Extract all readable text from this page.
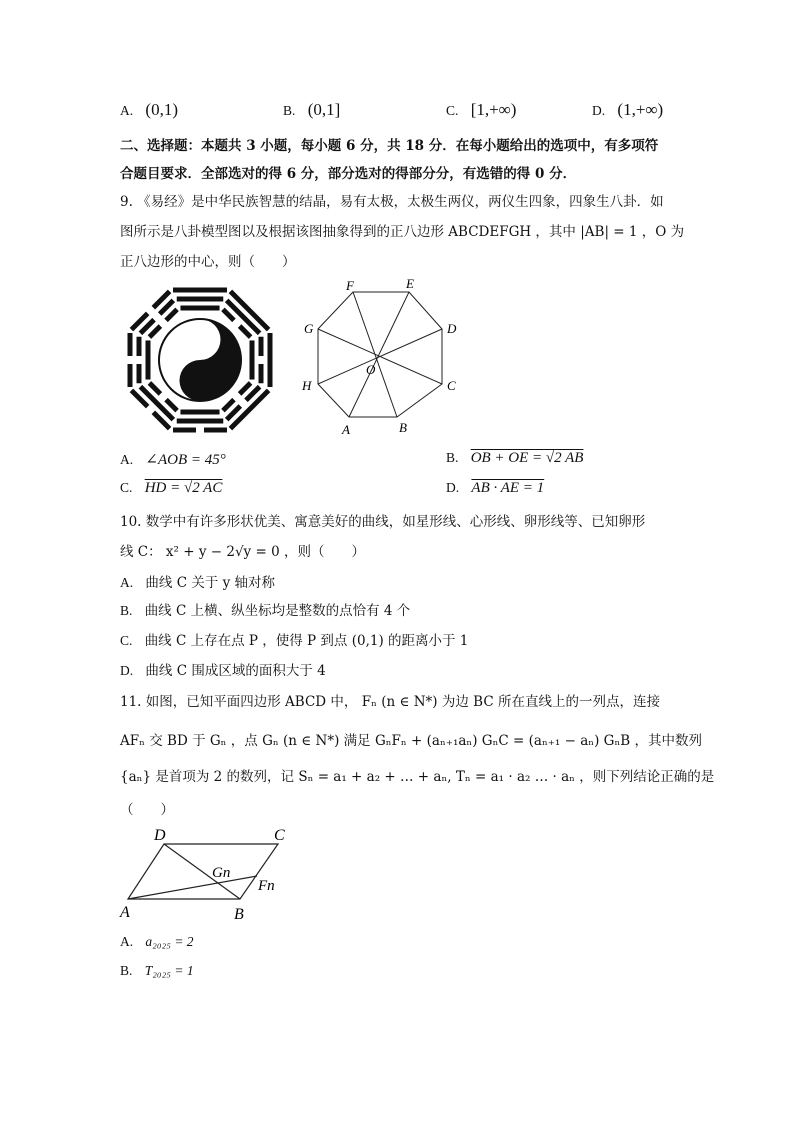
A. (0,1)	B. (0,1]	C. [1,+∞)	D. (1,+∞)
二、选择题：本题共 3 小题，每小题 6 分，共 18 分．在每小题给出的选项中，有多项符
合题目要求．全部选对的得 6 分，部分选对的得部分分，有选错的得 0 分．
9. 《易经》是中华民族智慧的结晶，易有太极，太极生两仪，两仪生四象，四象生八卦．如
图所示是八卦模型图以及根据该图抽象得到的正八边形 ABCDEFGH ，其中 |AB| = 1 ，O 为
正八边形的中心，则（　　）
A	B
C
D
E
F
G
H
O
A. ∠AOB = 45°	B. OB + OE = √2 AB
C. HD = √2 AC	D. AB · AE = 1
10. 数学中有许多形状优美、寓意美好的曲线，如星形线、心形线、卵形线等、已知卵形
线 C： x² + y − 2√y = 0 ，则（　　）
A. 曲线 C 关于 y 轴对称
B. 曲线 C 上横、纵坐标均是整数的点恰有 4 个
C. 曲线 C 上存在点 P ，使得 P 到点 (0,1) 的距离小于 1
D. 曲线 C 围成区域的面积大于 4
11. 如图，已知平面四边形 ABCD 中， Fₙ (n ∈ N*) 为边 BC 所在直线上的一列点，连接
AFₙ 交 BD 于 Gₙ ，点 Gₙ (n ∈ N*) 满足 GₙFₙ + (aₙ₊₁aₙ) GₙC = (aₙ₊₁ − aₙ) GₙB ，其中数列
{aₙ} 是首项为 2 的数列，记 Sₙ = a₁ + a₂ + … + aₙ, Tₙ = a₁ · a₂ … · aₙ ，则下列结论正确的是
（　　）
D	C
Gn
Fn
A	B
A. a₂₀₂₅ = 2
B. T₂₀₂₅ = 1
